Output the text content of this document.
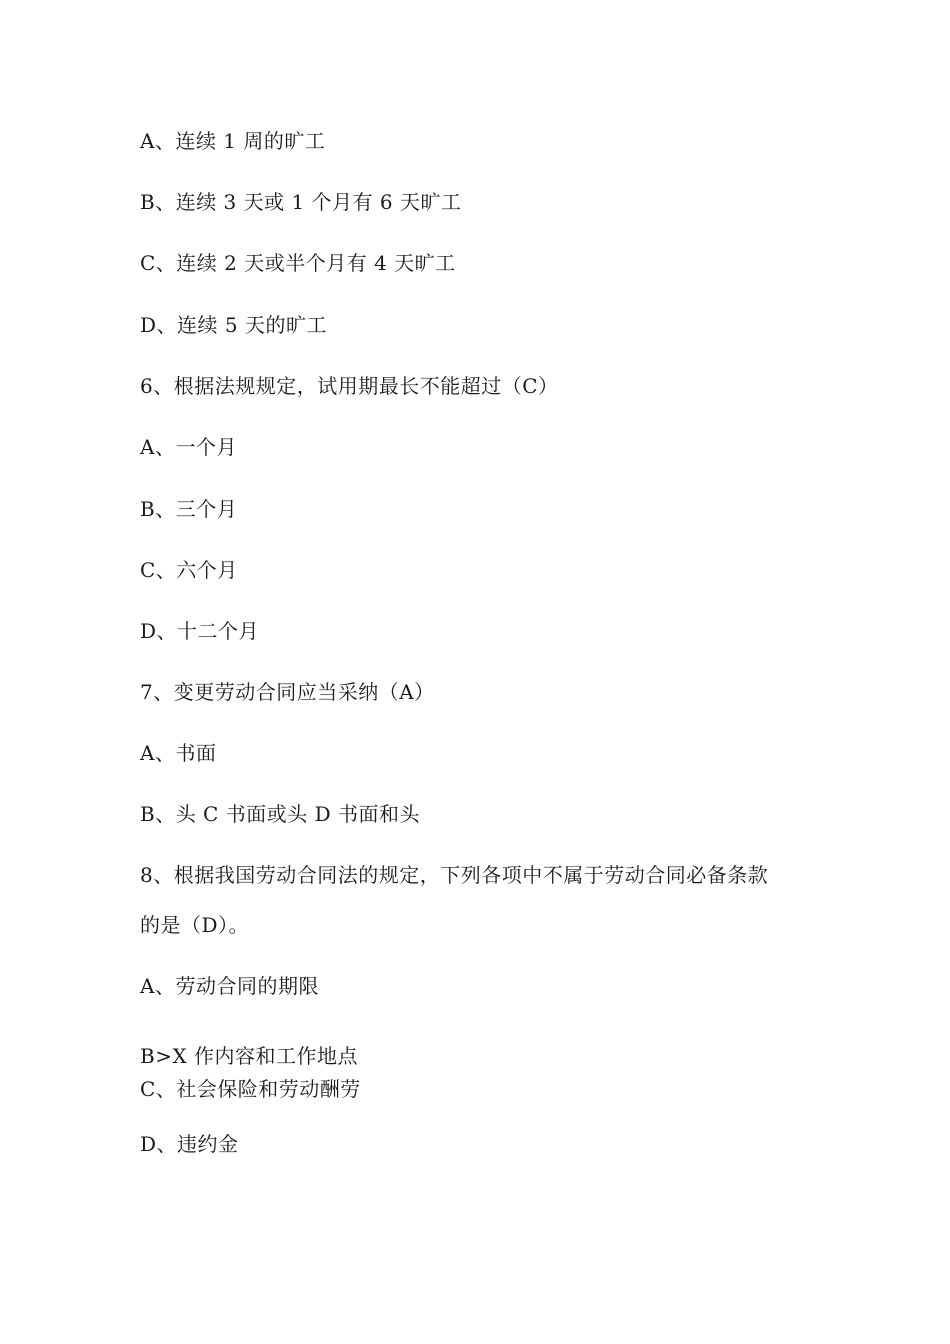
A、连续 1 周的旷工
B、连续 3 天或 1 个月有 6 天旷工
C、连续 2 天或半个月有 4 天旷工
D、连续 5 天的旷工
6、根据法规规定，试用期最长不能超过（C）
A、一个月
B、三个月
C、六个月
D、十二个月
7、变更劳动合同应当采纳（A）
A、书面
B、头 C 书面或头 D 书面和头
8、根据我国劳动合同法的规定，下列各项中不属于劳动合同必备条款
的是（D）。
A、劳动合同的期限
B>X 作内容和工作地点
C、社会保险和劳动酬劳
D、违约金
